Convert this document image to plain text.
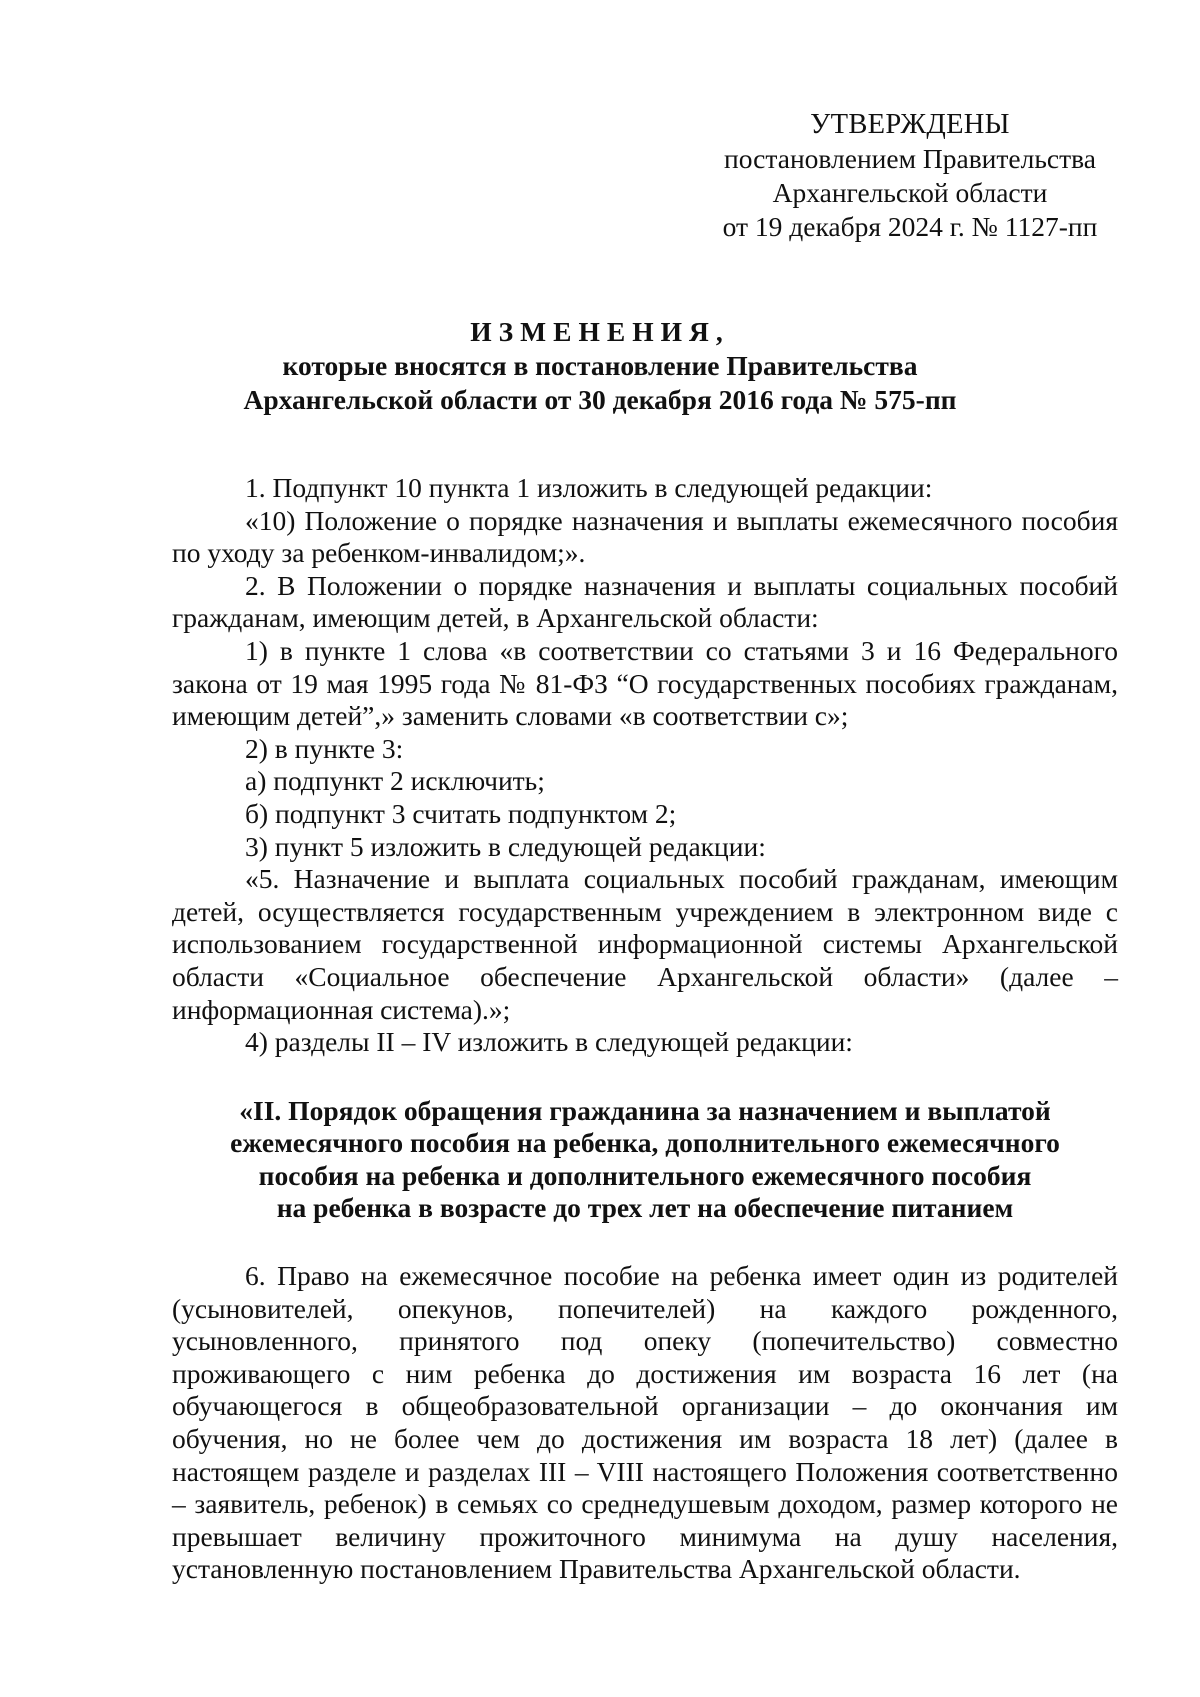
УТВЕРЖДЕНЫ
постановлением Правительства
Архангельской области
от 19 декабря 2024 г. № 1127-пп
ИЗМЕНЕНИЯ,
которые вносятся в постановление Правительства
Архангельской области от 30 декабря 2016 года № 575-пп

1. Подпункт 10 пункта 1 изложить в следующей редакции:

«10) Положение о порядке назначения и выплаты ежемесячного пособия по уходу за ребенком-инвалидом;».

2. В Положении о порядке назначения и выплаты социальных пособий гражданам, имеющим детей, в Архангельской области:

1) в пункте 1 слова «в соответствии со статьями 3 и 16 Федерального закона от 19 мая 1995 года № 81-ФЗ “О государственных пособиях гражданам, имеющим детей”,» заменить словами «в соответствии с»;

2) в пункте 3:

а) подпункт 2 исключить;

б) подпункт 3 считать подпунктом 2;

3) пункт 5 изложить в следующей редакции:

«5. Назначение и выплата социальных пособий гражданам, имеющим детей, осуществляется государственным учреждением в электронном виде с использованием государственной информационной системы Архангельской области «Социальное обеспечение Архангельской области» (далее – информационная система).»;

4) разделы II – IV изложить в следующей редакции:

«II. Порядок обращения гражданина за назначением и выплатой
ежемесячного пособия на ребенка, дополнительного ежемесячного
пособия на ребенка и дополнительного ежемесячного пособия
на ребенка в возрасте до трех лет на обеспечение питанием

6. Право на ежемесячное пособие на ребенка имеет один из родителей (усыновителей, опекунов, попечителей) на каждого рожденного, усыновленного, принятого под опеку (попечительство) совместно проживающего с ним ребенка до достижения им возраста 16 лет (на обучающегося в общеобразовательной организации – до окончания им обучения, но не более чем до достижения им возраста 18 лет) (далее в настоящем разделе и разделах III – VIII настоящего Положения соответственно – заявитель, ребенок) в семьях со среднедушевым доходом, размер которого не превышает величину прожиточного минимума на душу населения, установленную постановлением Правительства Архангельской области.
